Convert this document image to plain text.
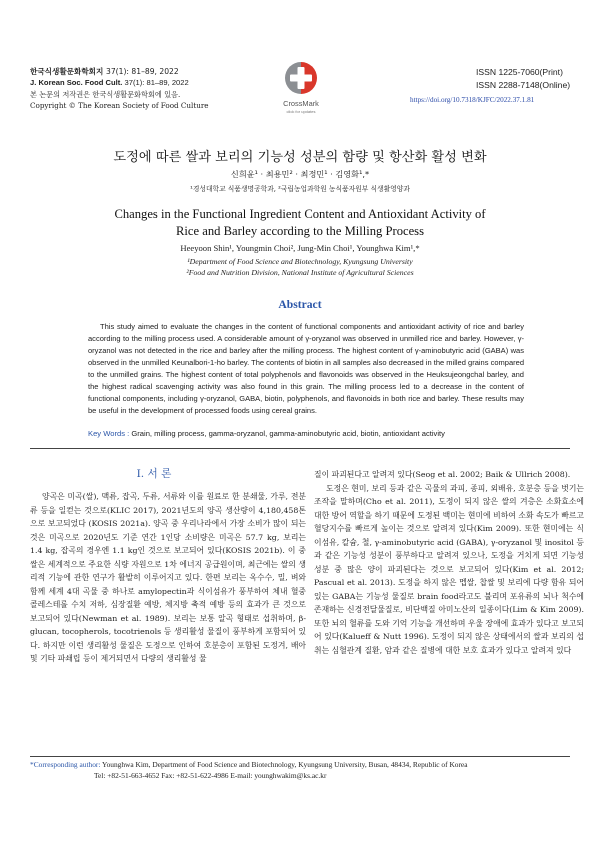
한국식생활문화학회지 37(1): 81–89, 2022
J. Korean Soc. Food Cult. 37(1): 81–89, 2022
본 논문의 저작권은 한국식생활문화학회에 있음.
Copyright © The Korean Society of Food Culture	CrossMark
click for updates
ISSN 1225-7060(Print)
ISSN 2288-7148(Online)
https://doi.org/10.7318/KJFC/2022.37.1.81
도정에 따른 쌀과 보리의 기능성 성분의 함량 및 항산화 활성 변화
신희윤¹ · 최용민² · 최정민¹ · 김영화¹,*
¹경성대학교 식품생명공학과, ²국립농업과학원 농식품자원부 식생활영양과
Changes in the Functional Ingredient Content and Antioxidant Activity of
Rice and Barley according to the Milling Process
Heeyoon Shin¹, Youngmin Choi², Jung-Min Choi¹, Younghwa Kim¹,*
¹Department of Food Science and Biotechnology, Kyungsung University
²Food and Nutrition Division, National Institute of Agricultural Sciences
Abstract
This study aimed to evaluate the changes in the content of functional components and antioxidant activity of rice and barley according to the milling process used. A considerable amount of γ-oryzanol was observed in unmilled rice and barley. However, γ-oryzanol was not detected in the rice and barley after the milling process. The highest content of γ-aminobutyric acid (GABA) was observed in the unmilled Keunalbori-1-ho barley. The contents of biotin in all samples also decreased in the milled grains compared to the unmilled grains. The highest content of total polyphenols and flavonoids was observed in the Heuksujeongchal barley, and the highest radical scavenging activity was also found in this grain. The milling process led to a decrease in the content of functional components, including γ-oryzanol, GABA, biotin, polyphenols, and flavonoids in both rice and barley. These results may be useful in the development of processed foods using cereal grains.
Key Words : Grain, milling process, gamma-oryzanol, gamma-aminobutyric acid, biotin, antioxidant activity
I. 서 론

양곡은 미곡(쌀), 맥류, 잡곡, 두류, 서류와 이를 원료로 한 분쇄물, 가루, 전분류 등을 일컫는 것으로(KLIC 2017), 2021년도의 양곡 생산량이 4,180,458톤으로 보고되었다 (KOSIS 2021a). 양곡 중 우리나라에서 가장 소비가 많이 되는 것은 미곡으로 2020년도 기준 연간 1인당 소비량은 미곡은 57.7 kg, 보리는 1.4 kg, 잡곡의 경우엔 1.1 kg인 것으로 보고되어 있다(KOSIS 2021b). 이 중 쌀은 세계적으로 주요한 식량 자원으로 1차 에너지 공급원이며, 최근에는 쌀의 생리적 기능에 관한 연구가 활발히 이루어지고 있다. 한편 보리는 옥수수, 밀, 벼와 함께 세계 4대 곡물 중 하나로 amylopectin과 식이섬유가 풍부하여 체내 혈중 콜레스테롤 수치 저하, 심장질환 예방, 체지방 축적 예방 등의 효과가 큰 것으로 보고되어 있다(Newman et al. 1989). 보리는 보통 알곡 형태로 섭취하며, β-glucan, tocopherols, tocotrienols 등 생리활성 물질이 풍부하게 포함되어 있다. 하지만 이런 생리활성 물질은 도정으로 인하여 호분층이 포함된 도정겨, 배아 및 기타 파쇄립 등이 제거되면서 다량의 생리활성 물

질이 파괴된다고 알려져 있다(Seog et al. 2002; Baik & Ullrich 2008).

도정은 현미, 보리 등과 같은 곡물의 과피, 종피, 외배유, 호분층 등을 벗기는 조작을 말하며(Cho et al. 2011), 도정이 되지 않은 쌀의 겨층은 소화효소에 대한 방어 역할을 하기 때문에 도정된 백미는 현미에 비하여 소화 속도가 빠르고 혈당지수를 빠르게 높이는 것으로 알려져 있다(Kim 2009). 또한 현미에는 식이섬유, 칼슘, 철, γ-aminobutyric acid (GABA), γ-oryzanol 및 inositol 등과 같은 기능성 성분이 풍부하다고 알려져 있으나, 도정을 거치게 되면 기능성 성분 중 많은 양이 파괴된다는 것으로 보고되어 있다(Kim et al. 2012; Pascual et al. 2013). 도정을 하지 않은 멥쌀, 찹쌀 및 보리에 다량 함유 되어 있는 GABA는 기능성 물질로 brain food라고도 불리며 포유류의 뇌나 척수에 존재하는 신경전달물질로, 비단백질 아미노산의 일종이다(Lim & Kim 2009). 또한 뇌의 혈류를 도와 기억 기능을 개선하며 우울 장애에 효과가 있다고 보고되어 있다(Kalueff & Nutt 1996). 도정이 되지 않은 상태에서의 쌀과 보리의 섭취는 심혈관계 질환, 암과 같은 질병에 대한 보호 효과가 있다고 알려져 있다

*Corresponding author: Younghwa Kim, Department of Food Science and Biotechnology, Kyungsung University, Busan, 48434, Republic of Korea
Tel: +82-51-663-4652 Fax: +82-51-622-4986 E-mail: younghwakim@ks.ac.kr
